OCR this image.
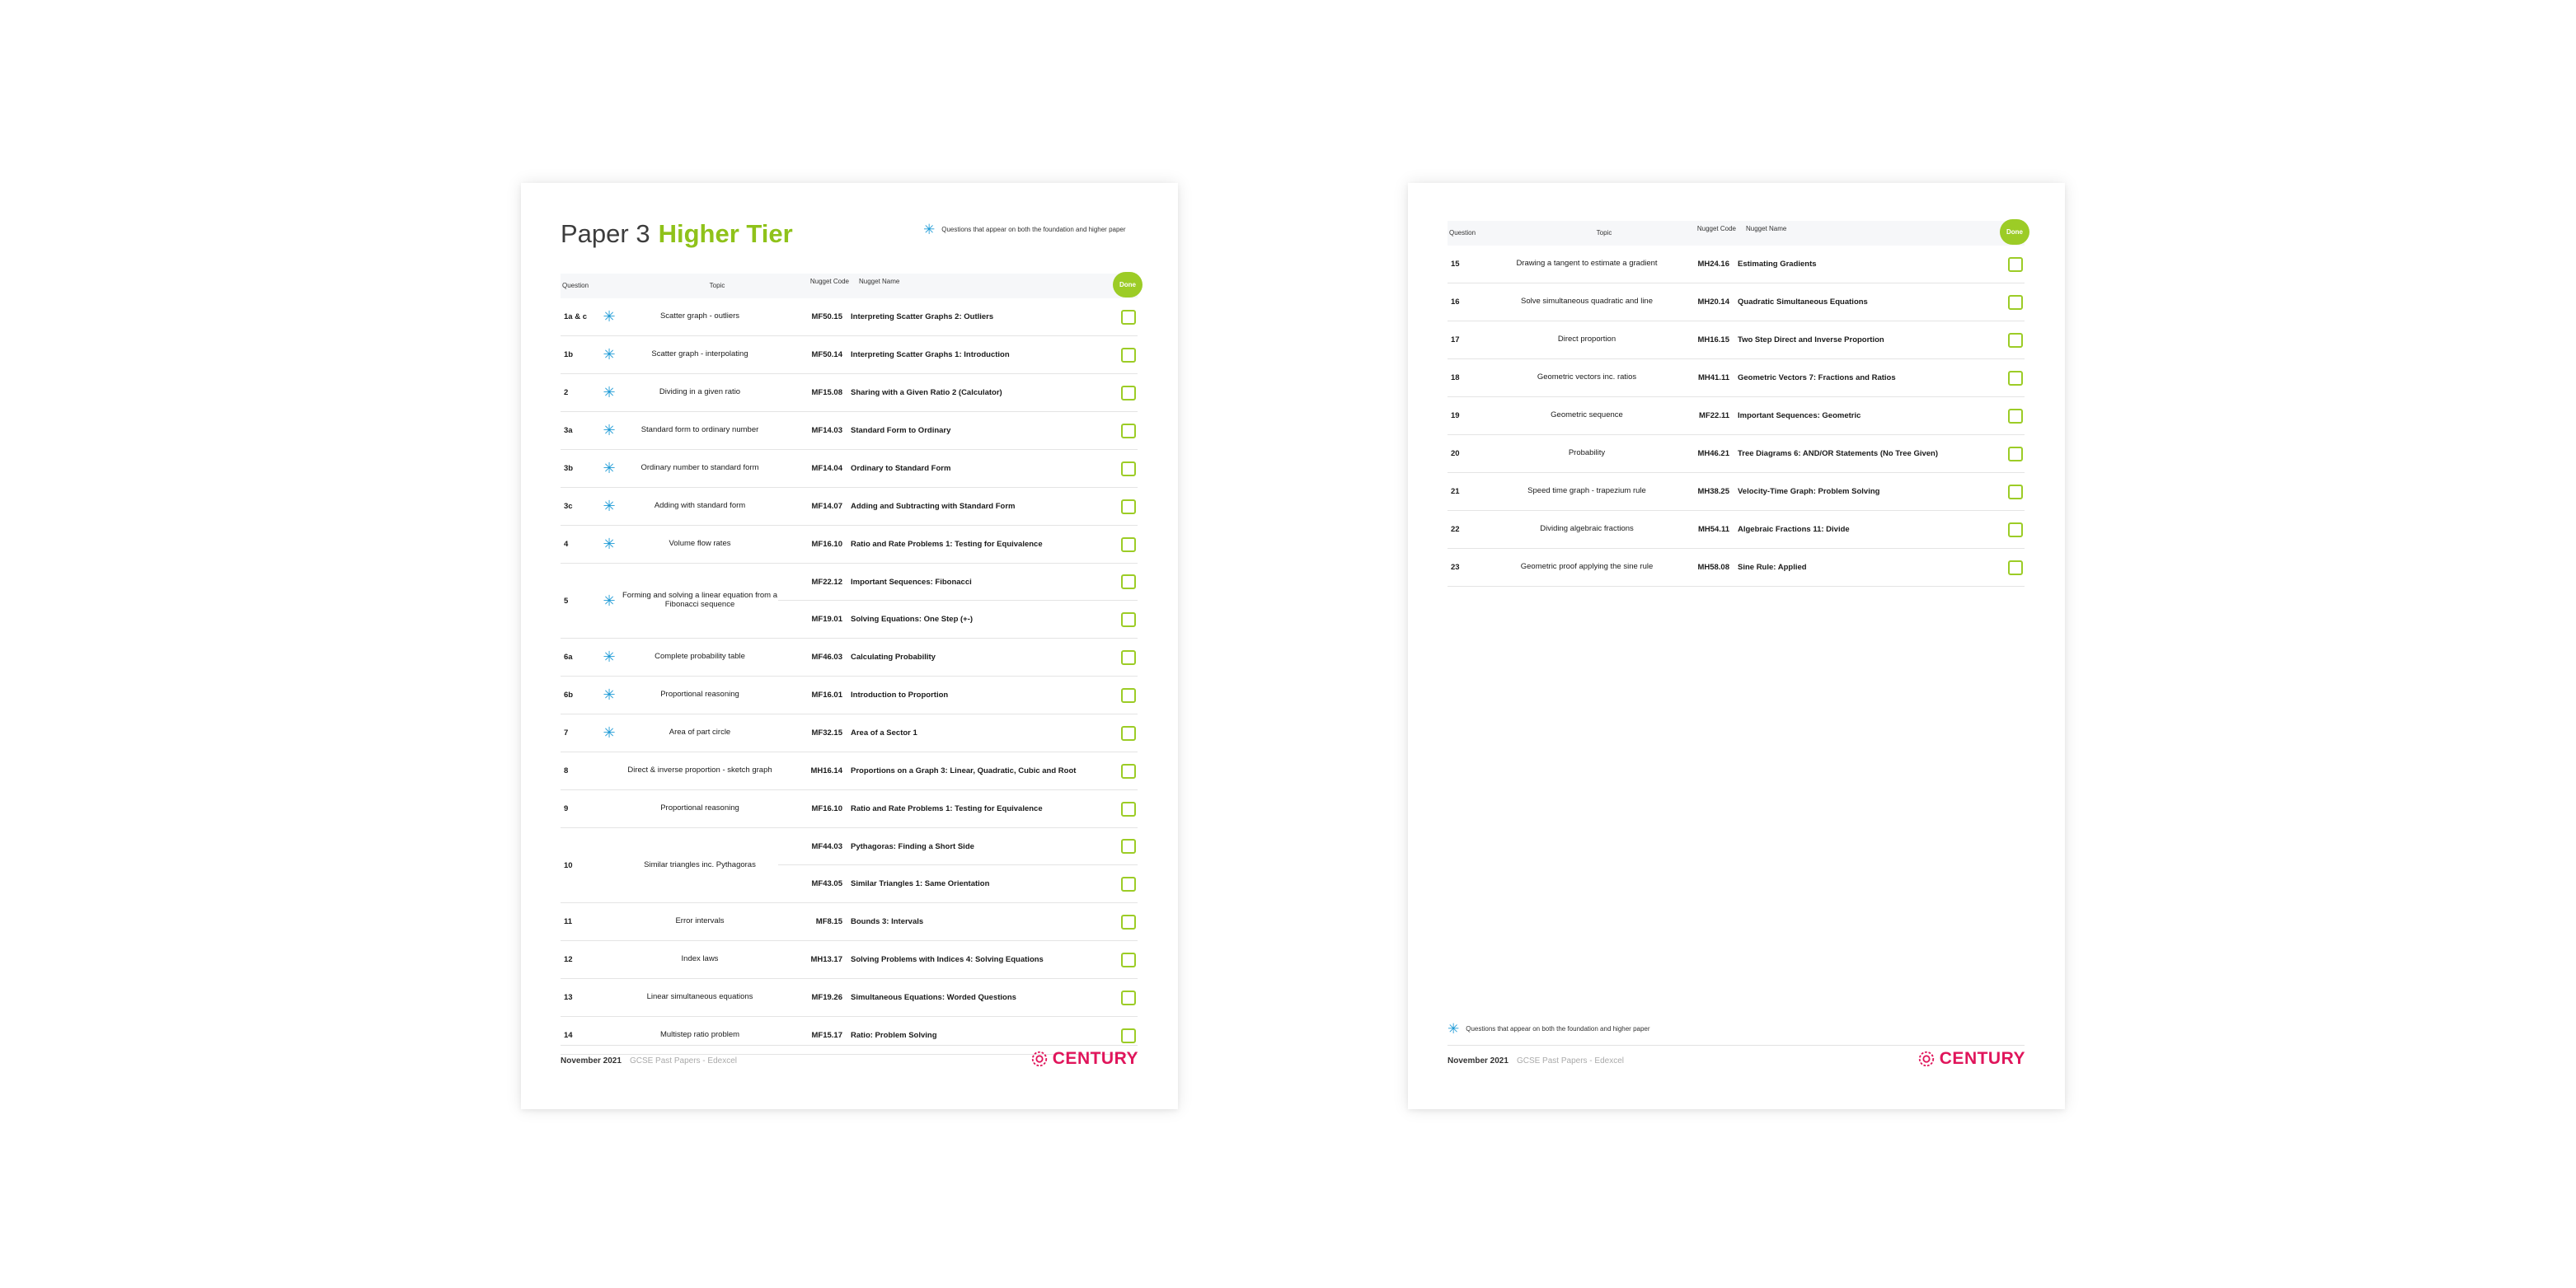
Paper 3 Higher Tier	✳ Questions that appear on both the foundation and higher paper
Question	Topic
Nugget Code Nugget Name	Done
1a & c	✳	Scatter graph - outliers	MF50.15	Interpreting Scatter Graphs 2: Outliers
1b	✳	Scatter graph - interpolating	MF50.14	Interpreting Scatter Graphs 1: Introduction
2	✳	Dividing in a given ratio	MF15.08	Sharing with a Given Ratio 2 (Calculator)
3a	✳	Standard form to ordinary number	MF14.03	Standard Form to Ordinary
3b	✳	Ordinary number to standard form	MF14.04	Ordinary to Standard Form
3c	✳	Adding with standard form	MF14.07	Adding and Subtracting with Standard Form
4	✳	Volume flow rates	MF16.10	Ratio and Rate Problems 1: Testing for Equivalence
5	✳ Forming and solving a linear equation from a Fibonacci sequence
MF22.12	Important Sequences: Fibonacci
MF19.01	Solving Equations: One Step (+-)
6a	✳	Complete probability table	MF46.03	Calculating Probability
6b	✳	Proportional reasoning	MF16.01	Introduction to Proportion
7	✳	Area of part circle	MF32.15	Area of a Sector 1
8	Direct & inverse proportion - sketch graph	MH16.14	Proportions on a Graph 3: Linear, Quadratic, Cubic and Root
9	Proportional reasoning	MF16.10	Ratio and Rate Problems 1: Testing for Equivalence
10	Similar triangles inc. Pythagoras
MF44.03	Pythagoras: Finding a Short Side
MF43.05	Similar Triangles 1: Same Orientation
11	Error intervals	MF8.15	Bounds 3: Intervals
12	Index laws	MH13.17	Solving Problems with Indices 4: Solving Equations
13	Linear simultaneous equations	MF19.26	Simultaneous Equations: Worded Questions
14	Multistep ratio problem	MF15.17	Ratio: Problem Solving
November 2021 GCSE Past Papers - Edexcel	CENTURY
Question	Topic
Nugget Code Nugget Name	Done
15	Drawing a tangent to estimate a gradient	MH24.16	Estimating Gradients
16	Solve simultaneous quadratic and line	MH20.14	Quadratic Simultaneous Equations
17	Direct proportion	MH16.15	Two Step Direct and Inverse Proportion
18	Geometric vectors inc. ratios	MH41.11	Geometric Vectors 7: Fractions and Ratios
19	Geometric sequence	MF22.11	Important Sequences: Geometric
20	Probability	MH46.21	Tree Diagrams 6: AND/OR Statements (No Tree Given)
21	Speed time graph - trapezium rule	MH38.25	Velocity-Time Graph: Problem Solving
22	Dividing algebraic fractions	MH54.11	Algebraic Fractions 11: Divide
23	Geometric proof applying the sine rule	MH58.08	Sine Rule: Applied
✳ Questions that appear on both the foundation and higher paper
November 2021 GCSE Past Papers - Edexcel	CENTURY
